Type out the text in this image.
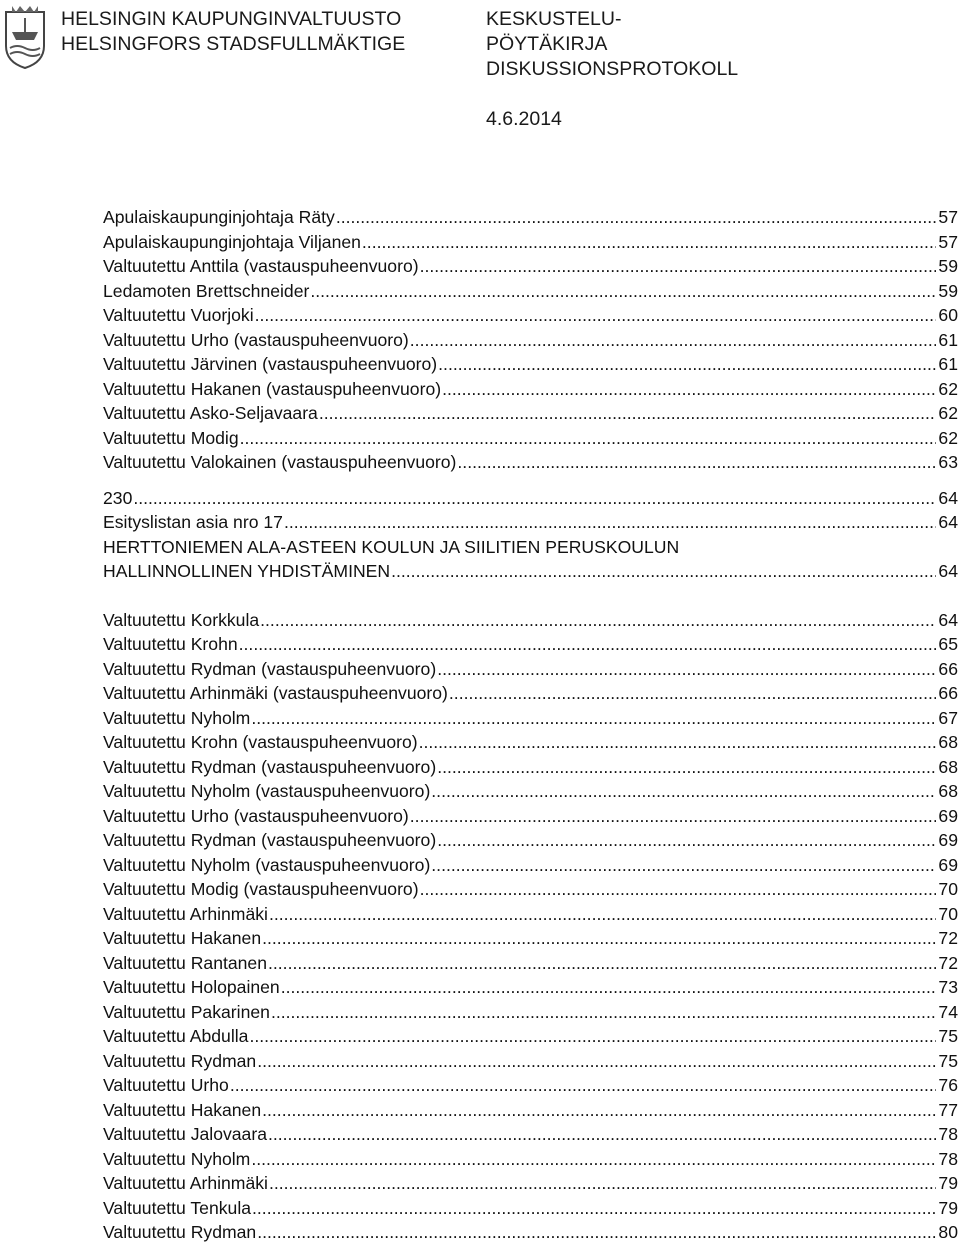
HELSINGIN KAUPUNGINVALTUUSTO
HELSINGFORS STADSFULLMÄKTIGE
KESKUSTELU-
PÖYTÄKIRJA
DISKUSSIONSPROTOKOLL
4.6.2014
Apulaiskaupunginjohtaja Räty .....	57
Apulaiskaupunginjohtaja Viljanen .....	57
Valtuutettu Anttila (vastauspuheenvuoro) .....	59
Ledamoten Brettschneider .....	59
Valtuutettu Vuorjoki .....	60
Valtuutettu Urho (vastauspuheenvuoro) .....	61
Valtuutettu Järvinen (vastauspuheenvuoro) .....	61
Valtuutettu Hakanen (vastauspuheenvuoro) .....	62
Valtuutettu Asko-Seljavaara .....	62
Valtuutettu Modig .....	62
Valtuutettu Valokainen (vastauspuheenvuoro) .....	63
230 .....	64
Esityslistan asia nro 17 .....	64
HERTTONIEMEN ALA-ASTEEN KOULUN JA SIILITIEN PERUSKOULUN
HALLINNOLLINEN YHDISTÄMINEN .....	64
Valtuutettu Korkkula .....	64
Valtuutettu Krohn .....	65
Valtuutettu Rydman (vastauspuheenvuoro) .....	66
Valtuutettu Arhinmäki (vastauspuheenvuoro) .....	66
Valtuutettu Nyholm .....	67
Valtuutettu Krohn (vastauspuheenvuoro) .....	68
Valtuutettu Rydman (vastauspuheenvuoro) .....	68
Valtuutettu Nyholm (vastauspuheenvuoro) .....	68
Valtuutettu Urho (vastauspuheenvuoro) .....	69
Valtuutettu Rydman (vastauspuheenvuoro) .....	69
Valtuutettu Nyholm (vastauspuheenvuoro) .....	69
Valtuutettu Modig (vastauspuheenvuoro) .....	70
Valtuutettu Arhinmäki .....	70
Valtuutettu Hakanen .....	72
Valtuutettu Rantanen .....	72
Valtuutettu Holopainen .....	73
Valtuutettu Pakarinen .....	74
Valtuutettu Abdulla .....	75
Valtuutettu Rydman .....	75
Valtuutettu Urho .....	76
Valtuutettu Hakanen .....	77
Valtuutettu Jalovaara .....	78
Valtuutettu Nyholm .....	78
Valtuutettu Arhinmäki .....	79
Valtuutettu Tenkula .....	79
Valtuutettu Rydman .....	80
